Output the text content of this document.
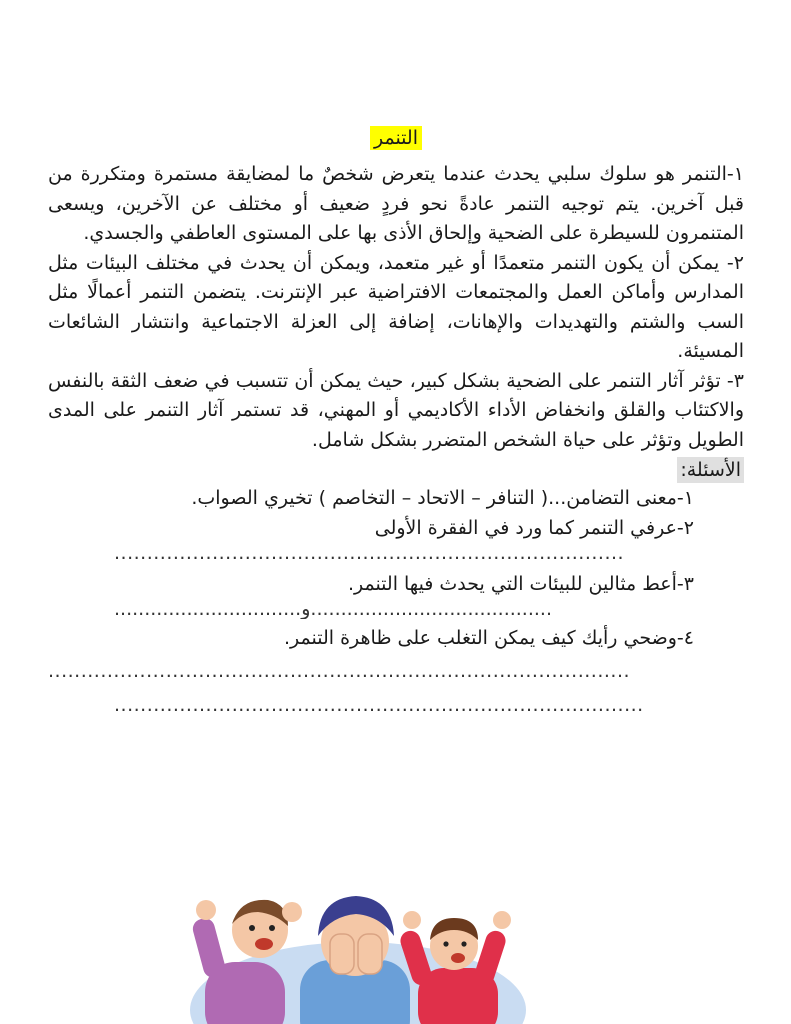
التنمر

١-التنمر هو سلوك سلبي يحدث عندما يتعرض شخصٌ ما لمضايقة مستمرة ومتكررة من قبل آخرين. يتم توجيه التنمر عادةً نحو فردٍ ضعيف أو مختلف عن الآخرين، ويسعى المتنمرون للسيطرة على الضحية وإلحاق الأذى بها على المستوى العاطفي والجسدي.

٢- يمكن أن يكون التنمر متعمدًا أو غير متعمد، ويمكن أن يحدث في مختلف البيئات مثل المدارس وأماكن العمل والمجتمعات الافتراضية عبر الإنترنت. يتضمن التنمر أعمالًا مثل السب والشتم والتهديدات والإهانات، إضافة إلى العزلة الاجتماعية وانتشار الشائعات المسيئة.

٣- تؤثر آثار التنمر على الضحية بشكل كبير، حيث يمكن أن تتسبب في ضعف الثقة بالنفس والاكتئاب والقلق وانخفاض الأداء الأكاديمي أو المهني، قد تستمر آثار التنمر على المدى الطويل وتؤثر على حياة الشخص المتضرر بشكل شامل.

الأسئلة:

١-معنى التضامن...( التنافر – الاتحاد – التخاصم ) تخيري الصواب.

٢-عرفي التنمر كما ورد في الفقرة الأولى

..............................................................................

٣-أعط مثالين للبيئات التي يحدث فيها التنمر.

...............................و........................................

٤-وضحي رأيك كيف يمكن التغلب على ظاهرة التنمر.

.........................................................................................
.................................................................................
